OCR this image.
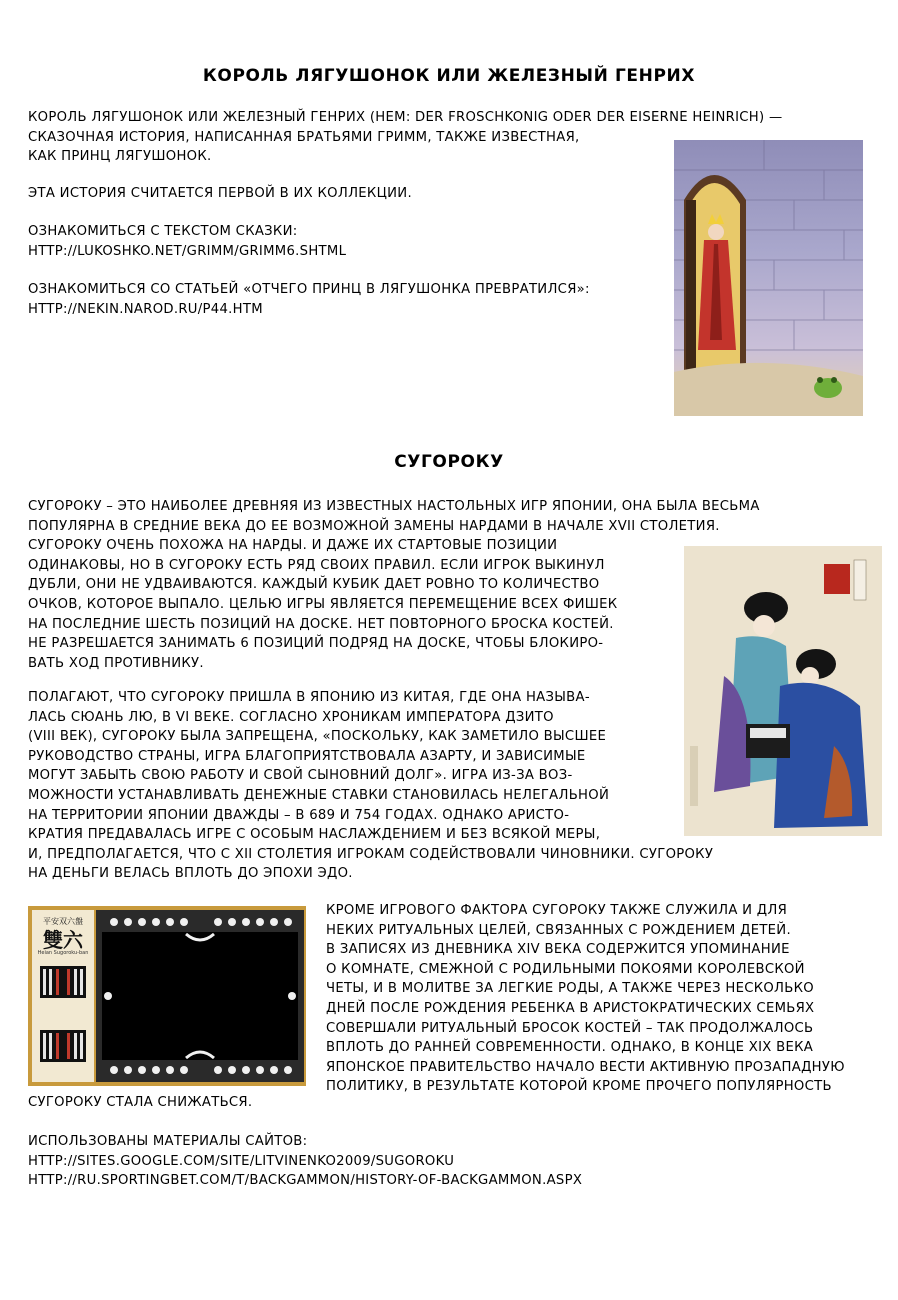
КОРОЛЬ ЛЯГУШОНОК ИЛИ ЖЕЛЕЗНЫЙ ГЕНРИХ
КОРОЛЬ ЛЯГУШОНОК ИЛИ ЖЕЛЕЗНЫЙ ГЕНРИХ (НЕМ: DER FROSCHKONIG ODER DER EISERNE HEINRICH) —
СКАЗОЧНАЯ ИСТОРИЯ, НАПИСАННАЯ БРАТЬЯМИ ГРИММ, ТАКЖЕ ИЗВЕСТНАЯ,
КАК ПРИНЦ ЛЯГУШОНОК.

ЭТА ИСТОРИЯ СЧИТАЕТСЯ ПЕРВОЙ В ИХ КОЛЛЕКЦИИ.

ОЗНАКОМИТЬСЯ С ТЕКСТОМ СКАЗКИ:
HTTP://LUKOSHKO.NET/GRIMM/GRIMM6.SHTML
ОЗНАКОМИТЬСЯ СО СТАТЬЕЙ «ОТЧЕГО ПРИНЦ В ЛЯГУШОНКА ПРЕВРАТИЛСЯ»:
HTTP://NEKIN.NAROD.RU/P44.HTM
СУГОРОКУ
СУГОРОКУ – ЭТО НАИБОЛЕЕ ДРЕВНЯЯ ИЗ ИЗВЕСТНЫХ НАСТОЛЬНЫХ ИГР ЯПОНИИ, ОНА БЫЛА ВЕСЬМА
ПОПУЛЯРНА В СРЕДНИЕ ВЕКА ДО ЕЕ ВОЗМОЖНОЙ ЗАМЕНЫ НАРДАМИ В НАЧАЛЕ XVII СТОЛЕТИЯ.
СУГОРОКУ ОЧЕНЬ ПОХОЖА НА НАРДЫ. И ДАЖЕ ИХ СТАРТОВЫЕ ПОЗИЦИИ
ОДИНАКОВЫ, НО В СУГОРОКУ ЕСТЬ РЯД СВОИХ ПРАВИЛ. ЕСЛИ ИГРОК ВЫКИНУЛ
ДУБЛИ, ОНИ НЕ УДВАИВАЮТСЯ. КАЖДЫЙ КУБИК ДАЕТ РОВНО ТО КОЛИЧЕСТВО
ОЧКОВ, КОТОРОЕ ВЫПАЛО. ЦЕЛЬЮ ИГРЫ ЯВЛЯЕТСЯ ПЕРЕМЕЩЕНИЕ ВСЕХ ФИШЕК
НА ПОСЛЕДНИЕ ШЕСТЬ ПОЗИЦИЙ НА ДОСКЕ. НЕТ ПОВТОРНОГО БРОСКА КОСТЕЙ.
НЕ РАЗРЕШАЕТСЯ ЗАНИМАТЬ 6 ПОЗИЦИЙ ПОДРЯД НА ДОСКЕ, ЧТОБЫ БЛОКИРО-
ВАТЬ ХОД ПРОТИВНИКУ.
ПОЛАГАЮТ, ЧТО СУГОРОКУ ПРИШЛА В ЯПОНИЮ ИЗ КИТАЯ, ГДЕ ОНА НАЗЫВА-
ЛАСЬ СЮАНЬ ЛЮ, В VI ВЕКЕ. СОГЛАСНО ХРОНИКАМ ИМПЕРАТОРА ДЗИТО
(VIII ВЕК), СУГОРОКУ БЫЛА ЗАПРЕЩЕНА, «ПОСКОЛЬКУ, КАК ЗАМЕТИЛО ВЫСШЕЕ
РУКОВОДСТВО СТРАНЫ, ИГРА БЛАГОПРИЯТСТВОВАЛА АЗАРТУ, И ЗАВИСИМЫЕ
МОГУТ ЗАБЫТЬ СВОЮ РАБОТУ И СВОЙ СЫНОВНИЙ ДОЛГ». ИГРА ИЗ-ЗА ВОЗ-
МОЖНОСТИ УСТАНАВЛИВАТЬ ДЕНЕЖНЫЕ СТАВКИ СТАНОВИЛАСЬ НЕЛЕГАЛЬНОЙ
НА ТЕРРИТОРИИ ЯПОНИИ ДВАЖДЫ – В 689 И 754 ГОДАХ. ОДНАКО АРИСТО-
КРАТИЯ ПРЕДАВАЛАСЬ ИГРЕ С ОСОБЫМ НАСЛАЖДЕНИЕМ И БЕЗ ВСЯКОЙ МЕРЫ,
И, ПРЕДПОЛАГАЕТСЯ, ЧТО С XII СТОЛЕТИЯ ИГРОКАМ СОДЕЙСТВОВАЛИ ЧИНОВНИКИ. СУГОРОКУ
НА ДЕНЬГИ ВЕЛАСЬ ВПЛОТЬ ДО ЭПОХИ ЭДО.
平安双六盤
雙六
Heian Sugoroku-ban
КРОМЕ ИГРОВОГО ФАКТОРА СУГОРОКУ ТАКЖЕ СЛУЖИЛА И ДЛЯ
НЕКИХ РИТУАЛЬНЫХ ЦЕЛЕЙ, СВЯЗАННЫХ С РОЖДЕНИЕМ ДЕТЕЙ.
В ЗАПИСЯХ ИЗ ДНЕВНИКА XIV ВЕКА СОДЕРЖИТСЯ УПОМИНАНИЕ
О КОМНАТЕ, СМЕЖНОЙ С РОДИЛЬНЫМИ ПОКОЯМИ КОРОЛЕВСКОЙ
ЧЕТЫ, И В МОЛИТВЕ ЗА ЛЕГКИЕ РОДЫ, А ТАКЖЕ ЧЕРЕЗ НЕСКОЛЬКО
ДНЕЙ ПОСЛЕ РОЖДЕНИЯ РЕБЕНКА В АРИСТОКРАТИЧЕСКИХ СЕМЬЯХ
СОВЕРШАЛИ РИТУАЛЬНЫЙ БРОСОК КОСТЕЙ – ТАК ПРОДОЛЖАЛОСЬ
ВПЛОТЬ ДО РАННЕЙ СОВРЕМЕННОСТИ. ОДНАКО, В КОНЦЕ XIX ВЕКА
ЯПОНСКОЕ ПРАВИТЕЛЬСТВО НАЧАЛО ВЕСТИ АКТИВНУЮ ПРОЗАПАДНУЮ
ПОЛИТИКУ, В РЕЗУЛЬТАТЕ КОТОРОЙ КРОМЕ ПРОЧЕГО ПОПУЛЯРНОСТЬ

СУГОРОКУ СТАЛА СНИЖАТЬСЯ.

ИСПОЛЬЗОВАНЫ МАТЕРИАЛЫ САЙТОВ:
HTTP://SITES.GOOGLE.COM/SITE/LITVINENKO2009/SUGOROKU
HTTP://RU.SPORTINGBET.COM/T/BACKGAMMON/HISTORY-OF-BACKGAMMON.ASPX
